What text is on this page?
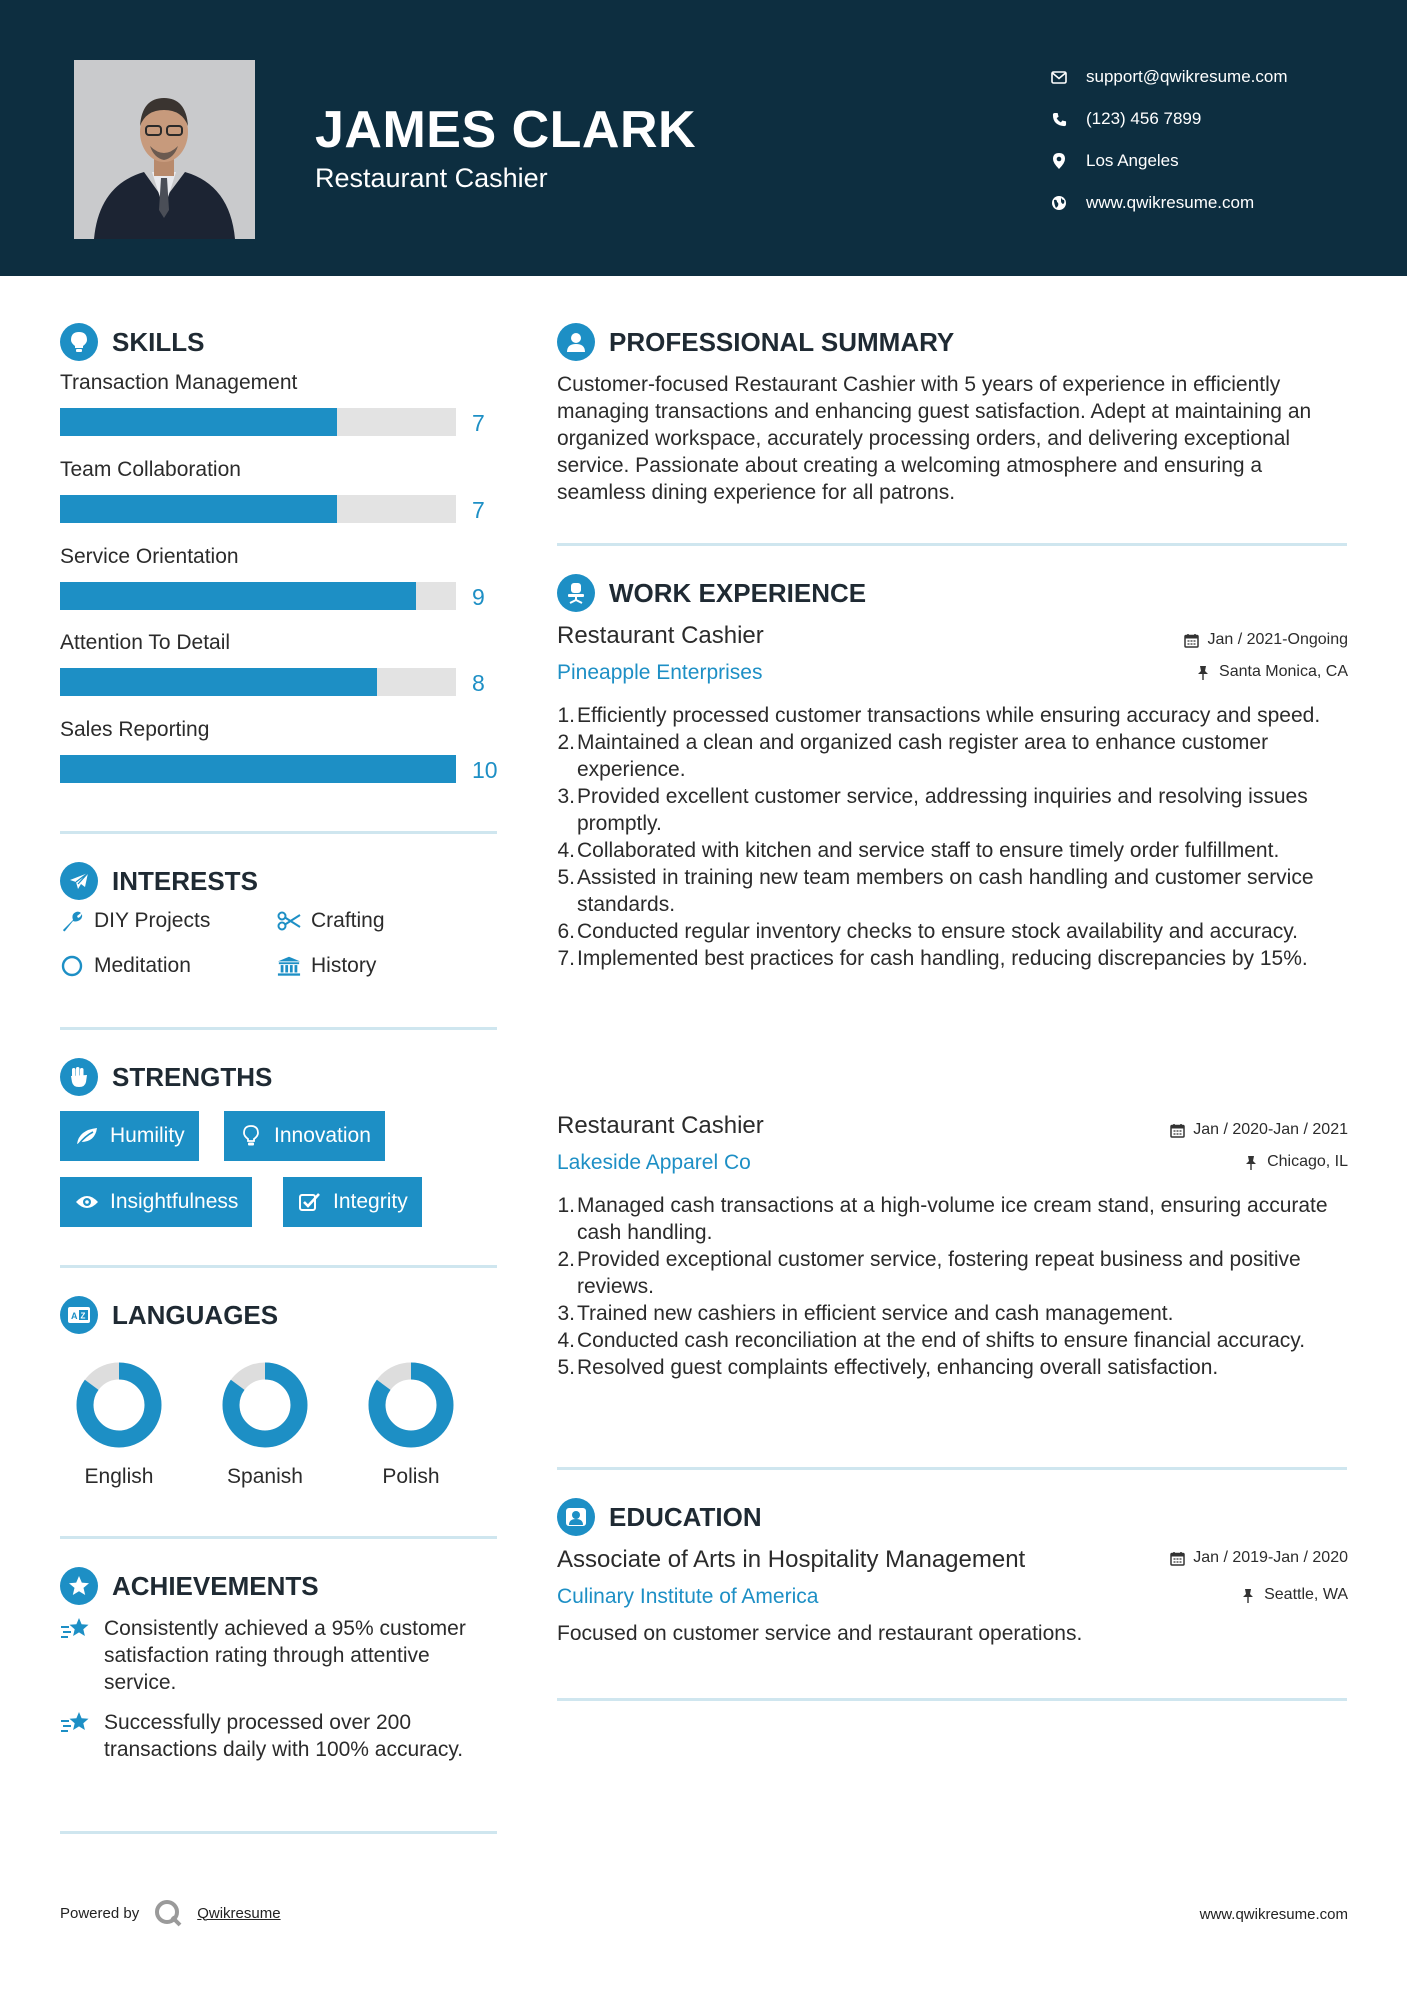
JAMES CLARK
Restaurant Cashier
support@qwikresume.com
(123) 456 7899
Los Angeles
www.qwikresume.com
SKILLS
Transaction Management
7
Team Collaboration
7
Service Orientation
9
Attention To Detail
8
Sales Reporting
10
INTERESTS
DIY Projects	Crafting
Meditation	History
STRENGTHS
Humility	Innovation
Insightfulness	Integrity
A Z LANGUAGES
English	Spanish	Polish
ACHIEVEMENTS
Consistently achieved a 95% customer satisfaction rating through attentive service.
Successfully processed over 200 transactions daily with 100% accuracy.
PROFESSIONAL SUMMARY
Customer-focused Restaurant Cashier with 5 years of experience in efficiently managing transactions and enhancing guest satisfaction. Adept at maintaining an organized workspace, accurately processing orders, and delivering exceptional service. Passionate about creating a welcoming atmosphere and ensuring a seamless dining experience for all patrons.
WORK EXPERIENCE
Restaurant Cashier	Jan / 2021-Ongoing
Pineapple Enterprises	Santa Monica, CA
1. Efficiently processed customer transactions while ensuring accuracy and speed.
2. Maintained a clean and organized cash register area to enhance customer experience.
3. Provided excellent customer service, addressing inquiries and resolving issues promptly.
4. Collaborated with kitchen and service staff to ensure timely order fulfillment.
5. Assisted in training new team members on cash handling and customer service standards.
6. Conducted regular inventory checks to ensure stock availability and accuracy.
7. Implemented best practices for cash handling, reducing discrepancies by 15%.
Restaurant Cashier	Jan / 2020-Jan / 2021
Lakeside Apparel Co	Chicago, IL
1. Managed cash transactions at a high-volume ice cream stand, ensuring accurate cash handling.
2. Provided exceptional customer service, fostering repeat business and positive reviews.
3. Trained new cashiers in efficient service and cash management.
4. Conducted cash reconciliation at the end of shifts to ensure financial accuracy.
5. Resolved guest complaints effectively, enhancing overall satisfaction.
EDUCATION
Associate of Arts in Hospitality Management	Jan / 2019-Jan / 2020
Culinary Institute of America	Seattle, WA
Focused on customer service and restaurant operations.
Powered by	Qwikresume	www.qwikresume.com
